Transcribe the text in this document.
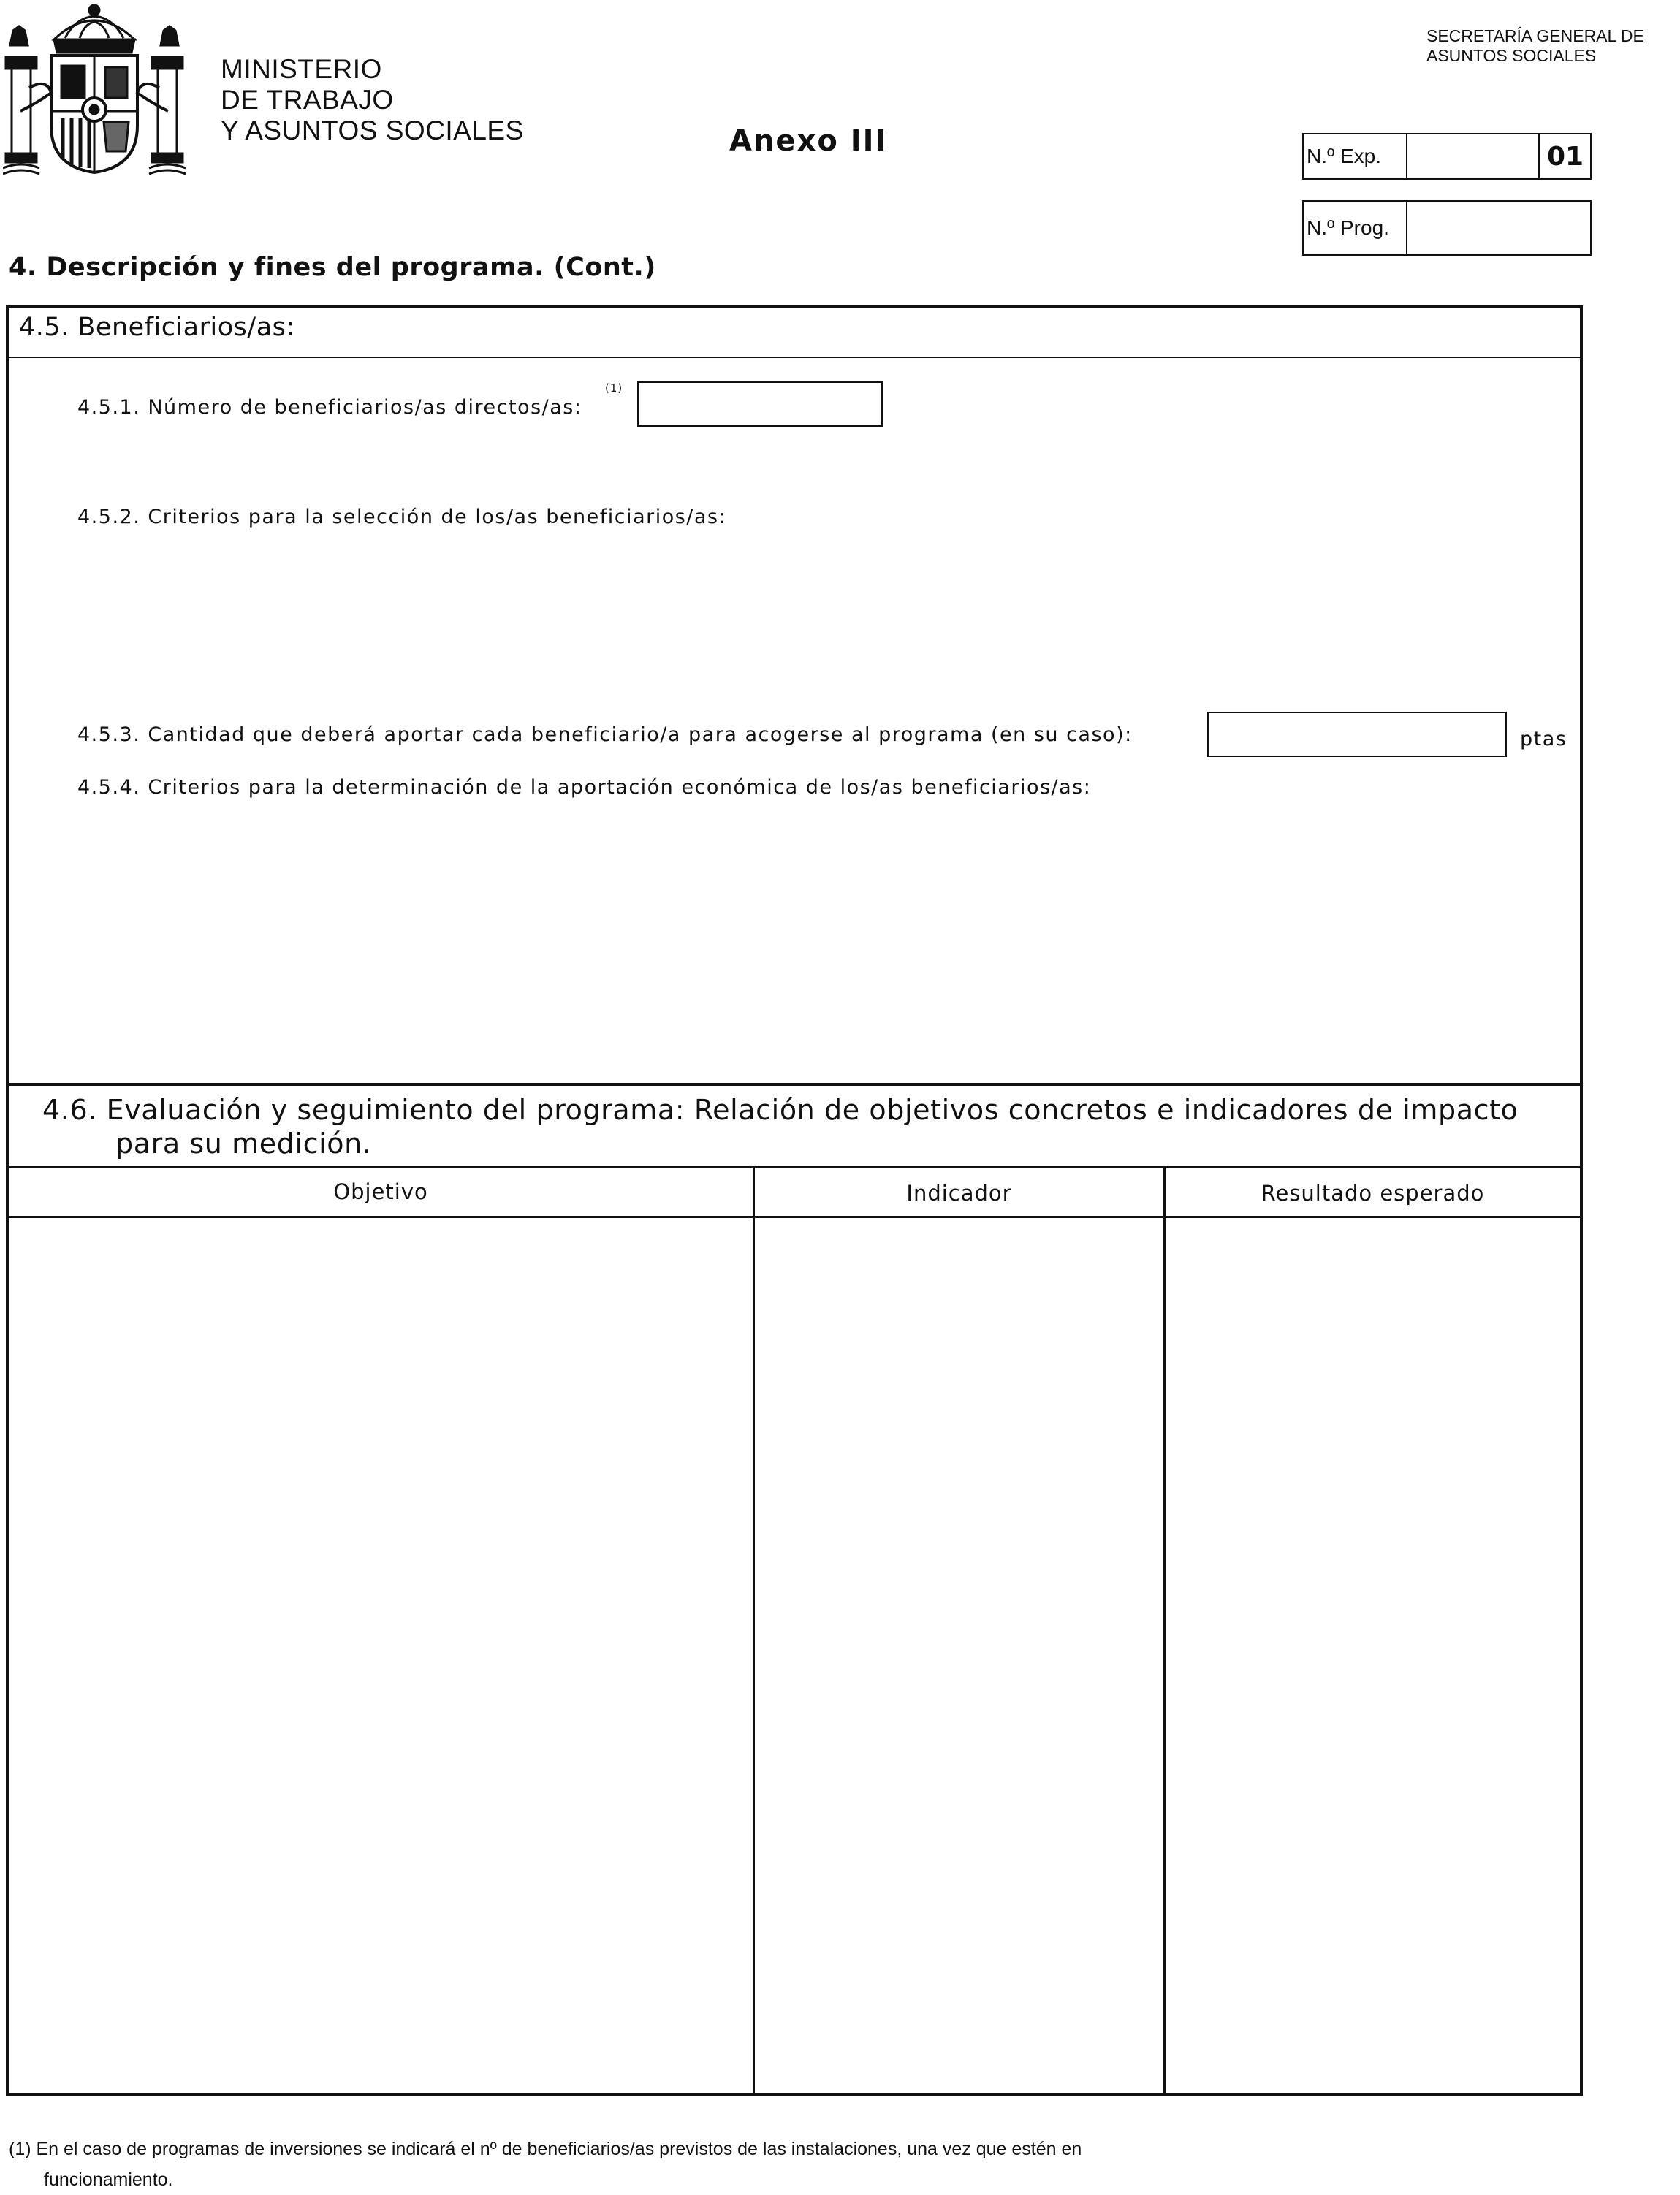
MINISTERIO
DE TRABAJO
Y ASUNTOS SOCIALES	Anexo III
SECRETARÍA GENERAL DE
ASUNTOS SOCIALES
N.º Exp.	01
N.º Prog.
4. Descripción y fines del programa. (Cont.)
4.5. Beneficiarios/as:
4.5.1. Número de beneficiarios/as directos/as:
(1)
4.5.2. Criterios para la selección de los/as beneficiarios/as:
4.5.3. Cantidad que deberá aportar cada beneficiario/a para acogerse al programa (en su caso):	ptas
4.5.4. Criterios para la determinación de la aportación económica de los/as beneficiarios/as:
4.6. Evaluación y seguimiento del programa: Relación de objetivos concretos e indicadores de impacto
para su medición.
Objetivo	Indicador	Resultado esperado
(1) En el caso de programas de inversiones se indicará el nº de beneficiarios/as previstos de las instalaciones, una vez que estén en
funcionamiento.
